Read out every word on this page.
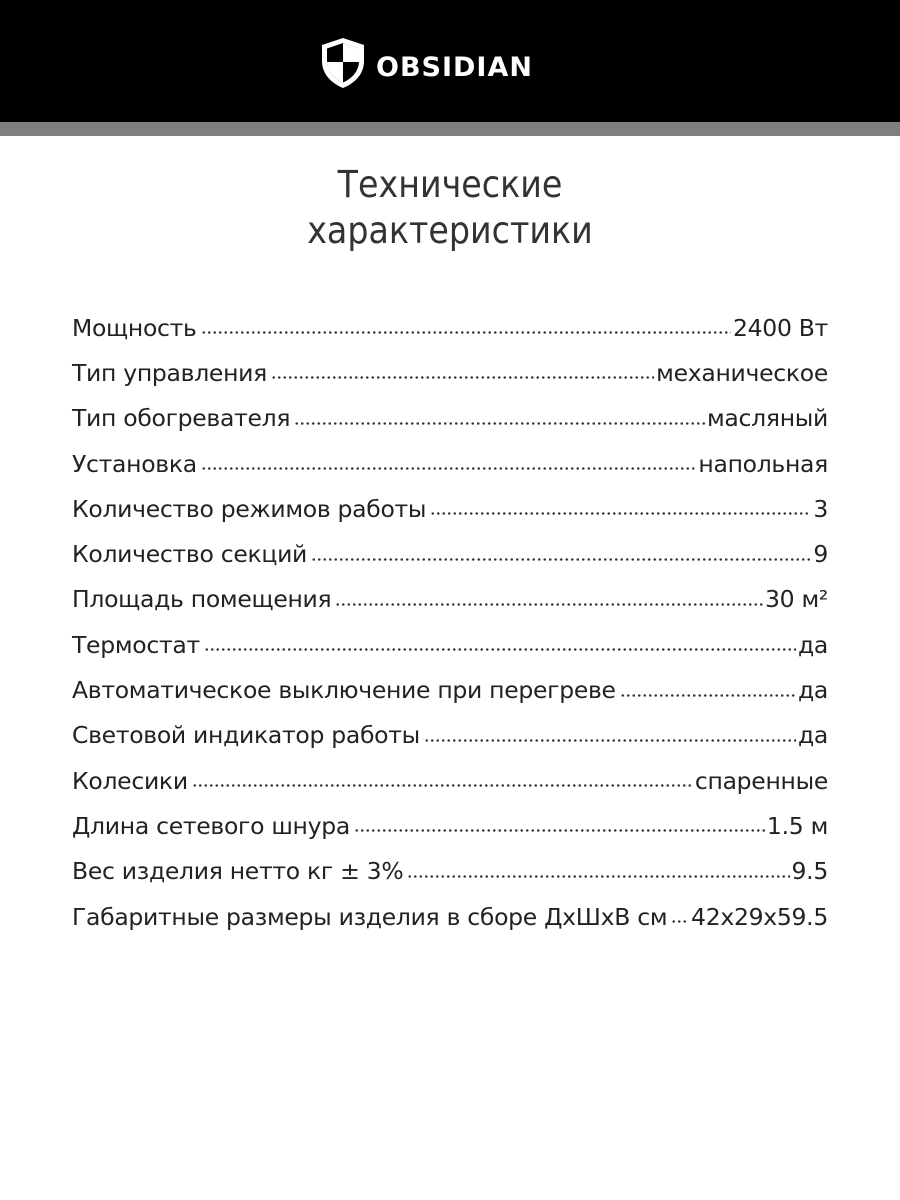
OBSIDIAN
Технические
характеристики
Мощность	2400 Вт
Тип управления	механическое
Тип обогревателя	масляный
Установка	напольная
Количество режимов работы	3
Количество секций	9
Площадь помещения	30 м²
Термостат	да
Автоматическое выключение при перегреве	да
Световой индикатор работы	да
Колесики	спаренные
Длина сетевого шнура	1.5 м
Вес изделия нетто кг ± 3%	9.5
Габаритные размеры изделия в сборе ДхШхВ см 42x29x59.5
